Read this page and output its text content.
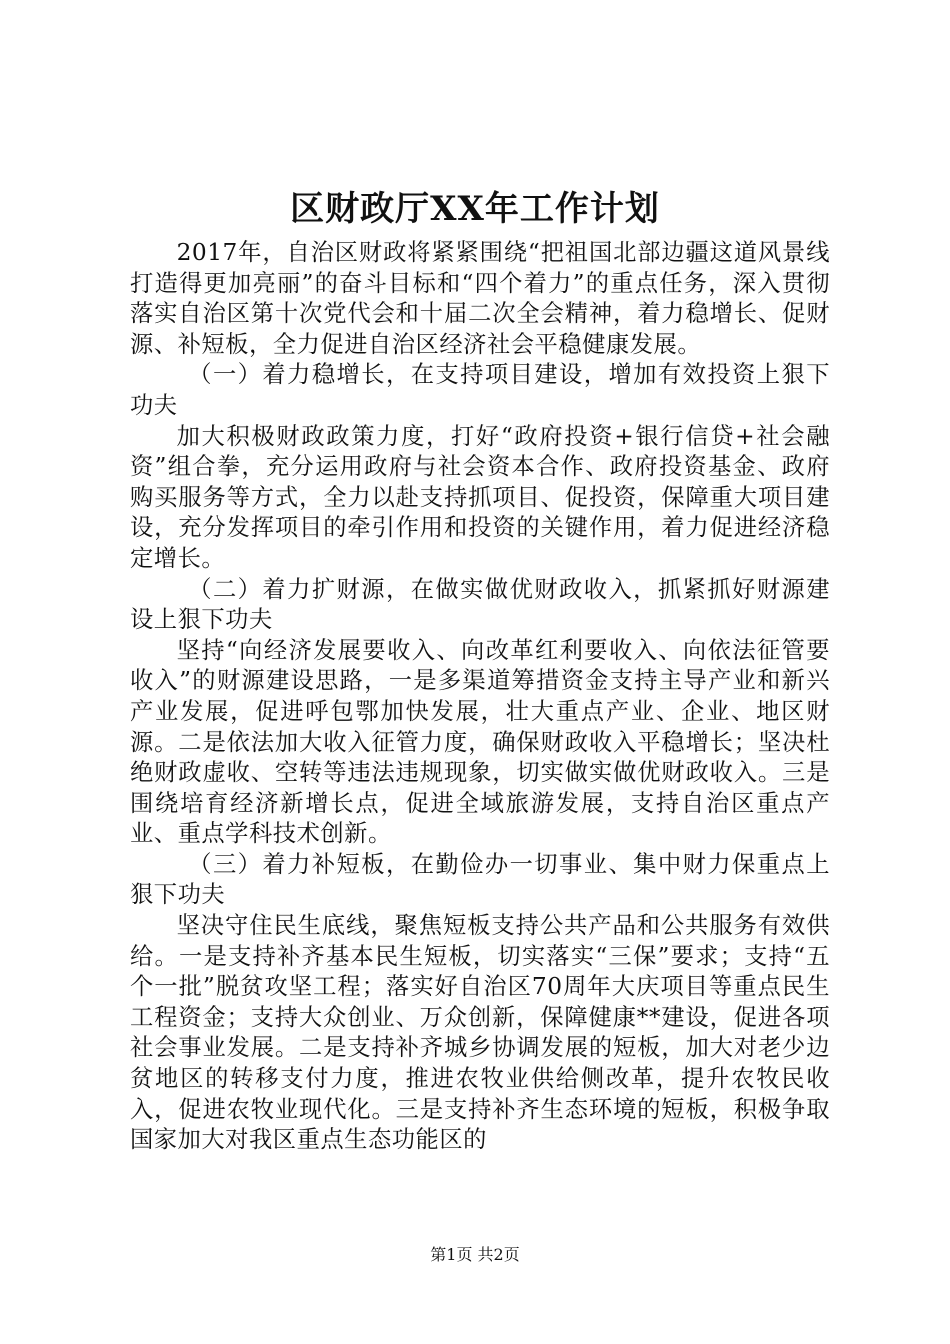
区财政厅XX年工作计划

2017年，自治区财政将紧紧围绕“把祖国北部边疆这道风景线打造得更加亮丽”的奋斗目标和“四个着力”的重点任务，深入贯彻落实自治区第十次党代会和十届二次全会精神，着力稳增长、促财源、补短板，全力促进自治区经济社会平稳健康发展。

（一）着力稳增长，在支持项目建设，增加有效投资上狠下功夫

加大积极财政政策力度，打好“政府投资+银行信贷+社会融资”组合拳，充分运用政府与社会资本合作、政府投资基金、政府购买服务等方式，全力以赴支持抓项目、促投资，保障重大项目建设，充分发挥项目的牵引作用和投资的关键作用，着力促进经济稳定增长。

（二）着力扩财源，在做实做优财政收入，抓紧抓好财源建设上狠下功夫

坚持“向经济发展要收入、向改革红利要收入、向依法征管要收入”的财源建设思路，一是多渠道筹措资金支持主导产业和新兴产业发展，促进呼包鄂加快发展，壮大重点产业、企业、地区财源。二是依法加大收入征管力度，确保财政收入平稳增长；坚决杜绝财政虚收、空转等违法违规现象，切实做实做优财政收入。三是围绕培育经济新增长点，促进全域旅游发展，支持自治区重点产业、重点学科技术创新。

（三）着力补短板，在勤俭办一切事业、集中财力保重点上狠下功夫

坚决守住民生底线，聚焦短板支持公共产品和公共服务有效供给。一是支持补齐基本民生短板，切实落实“三保”要求；支持“五个一批”脱贫攻坚工程；落实好自治区70周年大庆项目等重点民生工程资金；支持大众创业、万众创新，保障健康**建设，促进各项社会事业发展。二是支持补齐城乡协调发展的短板，加大对老少边贫地区的转移支付力度，推进农牧业供给侧改革，提升农牧民收入，促进农牧业现代化。三是支持补齐生态环境的短板，积极争取国家加大对我区重点生态功能区的

第1页 共2页
